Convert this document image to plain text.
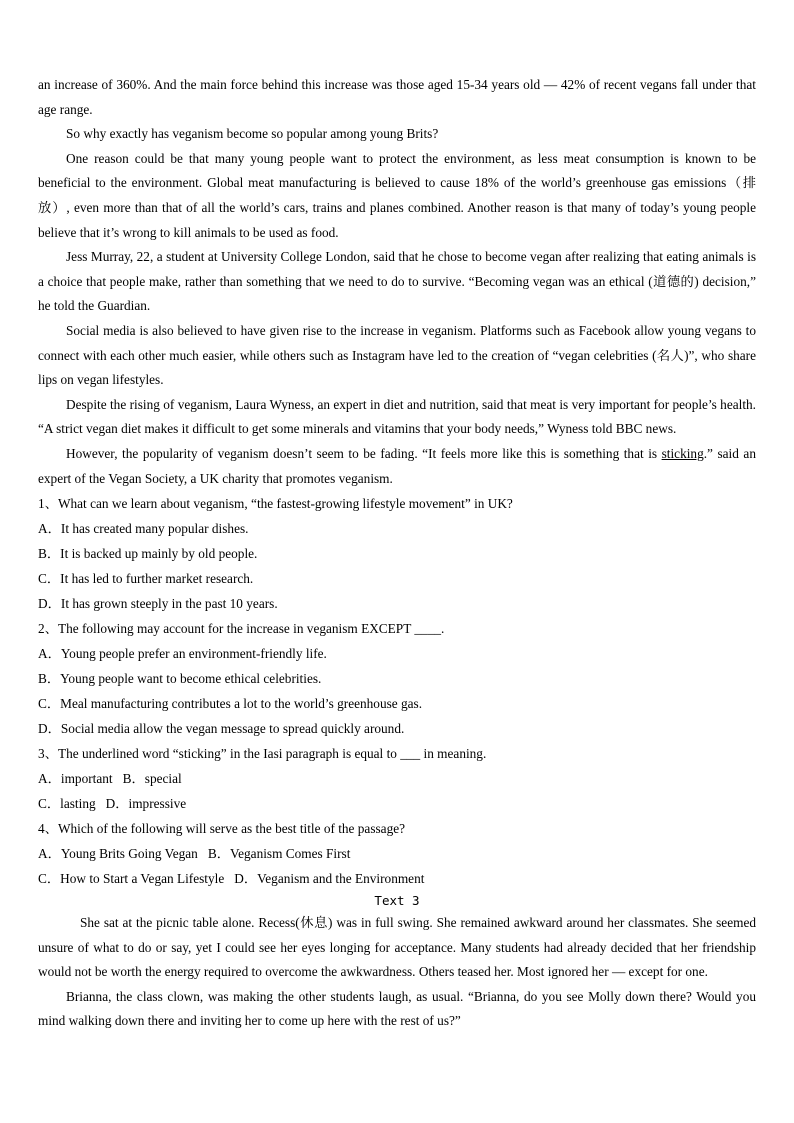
an increase of 360%. And the main force behind this increase was those aged 15-34 years old — 42% of recent vegans fall under that age range.

So why exactly has veganism become so popular among young Brits?

One reason could be that many young people want to protect the environment, as less meat consumption is known to be beneficial to the environment. Global meat manufacturing is believed to cause 18% of the world’s greenhouse gas emissions（排放）, even more than that of all the world’s cars, trains and planes combined. Another reason is that many of today’s young people believe that it’s wrong to kill animals to be used as food.

Jess Murray, 22, a student at University College London, said that he chose to become vegan after realizing that eating animals is a choice that people make, rather than something that we need to do to survive. “Becoming vegan was an ethical (道德的) decision,” he told the Guardian.

Social media is also believed to have given rise to the increase in veganism. Platforms such as Facebook allow young vegans to connect with each other much easier, while others such as Instagram have led to the creation of “vegan celebrities (名人)”, who share lips on vegan lifestyles.

Despite the rising of veganism, Laura Wyness, an expert in diet and nutrition, said that meat is very important for people’s health. “A strict vegan diet makes it difficult to get some minerals and vitamins that your body needs,” Wyness told BBC news.

However, the popularity of veganism doesn’t seem to be fading. “It feels more like this is something that is sticking.” said an expert of the Vegan Society, a UK charity that promotes veganism.

1、What can we learn about veganism, “the fastest-growing lifestyle movement” in UK?

A．It has created many popular dishes.

B．It is backed up mainly by old people.

C．It has led to further market research.

D．It has grown steeply in the past 10 years.

2、The following may account for the increase in veganism EXCEPT ____.

A．Young people prefer an environment-friendly life.

B．Young people want to become ethical celebrities.

C．Meal manufacturing contributes a lot to the world’s greenhouse gas.

D．Social media allow the vegan message to spread quickly around.

3、The underlined word “sticking” in the Iasi paragraph is equal to ___ in meaning.

A．important B．special

C．lasting D．impressive

4、Which of the following will serve as the best title of the passage?

A．Young Brits Going Vegan B．Veganism Comes First

C．How to Start a Vegan Lifestyle D．Veganism and the Environment

Text 3

She sat at the picnic table alone. Recess(休息) was in full swing. She remained awkward around her classmates. She seemed unsure of what to do or say, yet I could see her eyes longing for acceptance. Many students had already decided that her friendship would not be worth the energy required to overcome the awkwardness. Others teased her. Most ignored her — except for one.

Brianna, the class clown, was making the other students laugh, as usual. “Brianna, do you see Molly down there? Would you mind walking down there and inviting her to come up here with the rest of us?”
